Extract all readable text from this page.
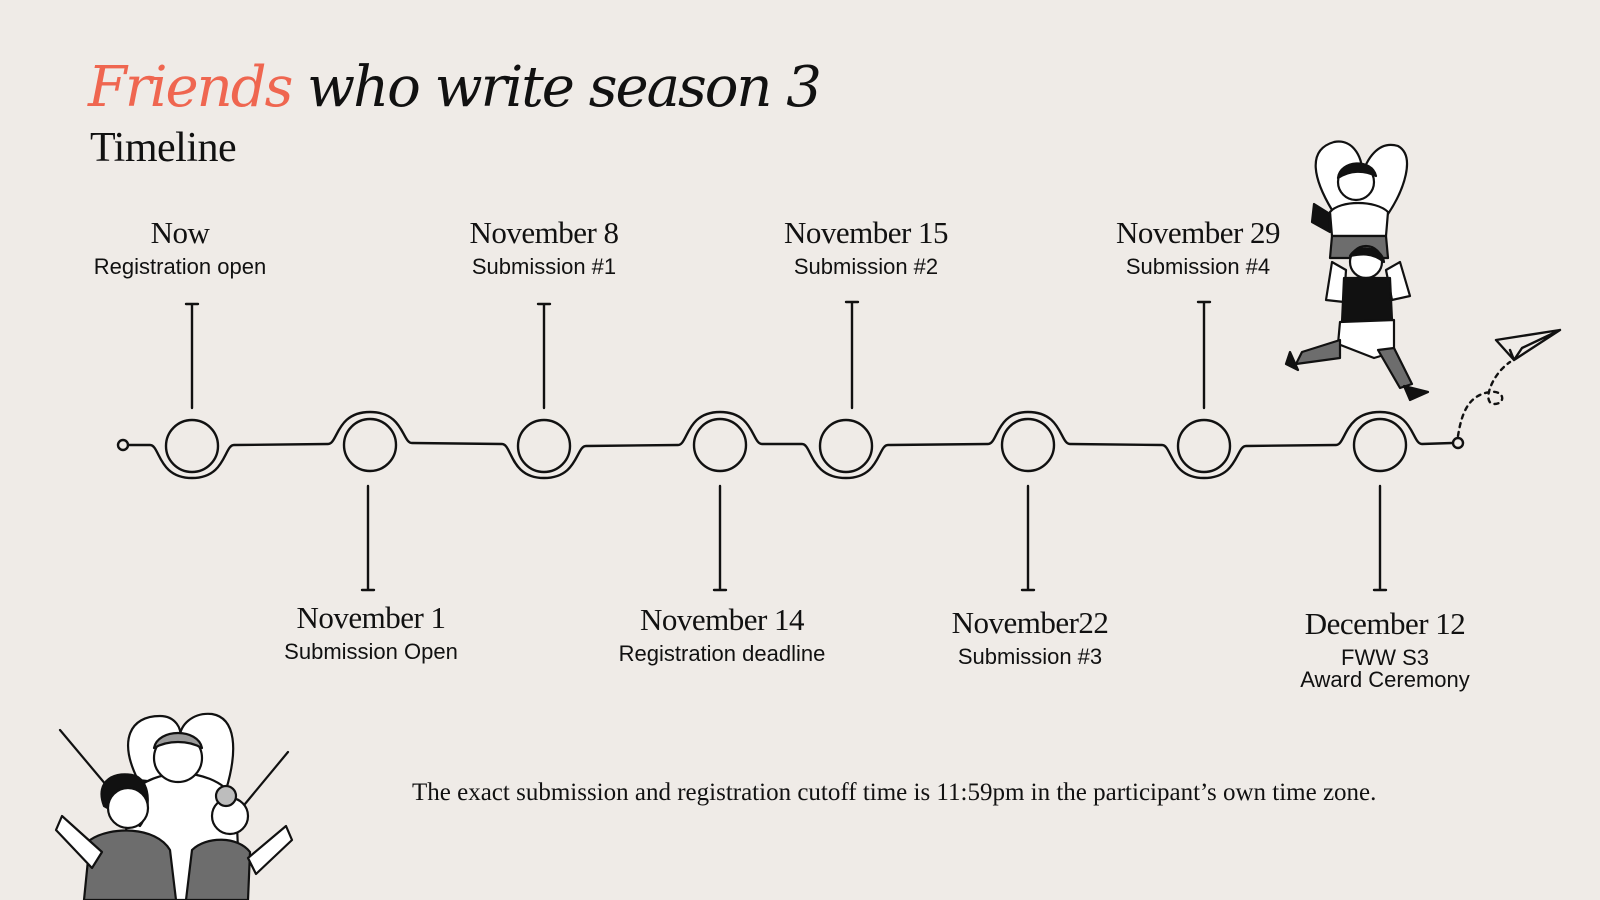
Friends who write season 3
Timeline
Now
Registration open
November 8
Submission #1
November 15
Submission #2
November 29
Submission #4
November 1
Submission Open
November 14
Registration deadline
November22
Submission #3
December 12
FWW S3
Award Ceremony

The exact submission and registration cutoff time is 11:59pm in the participant’s own time zone.
